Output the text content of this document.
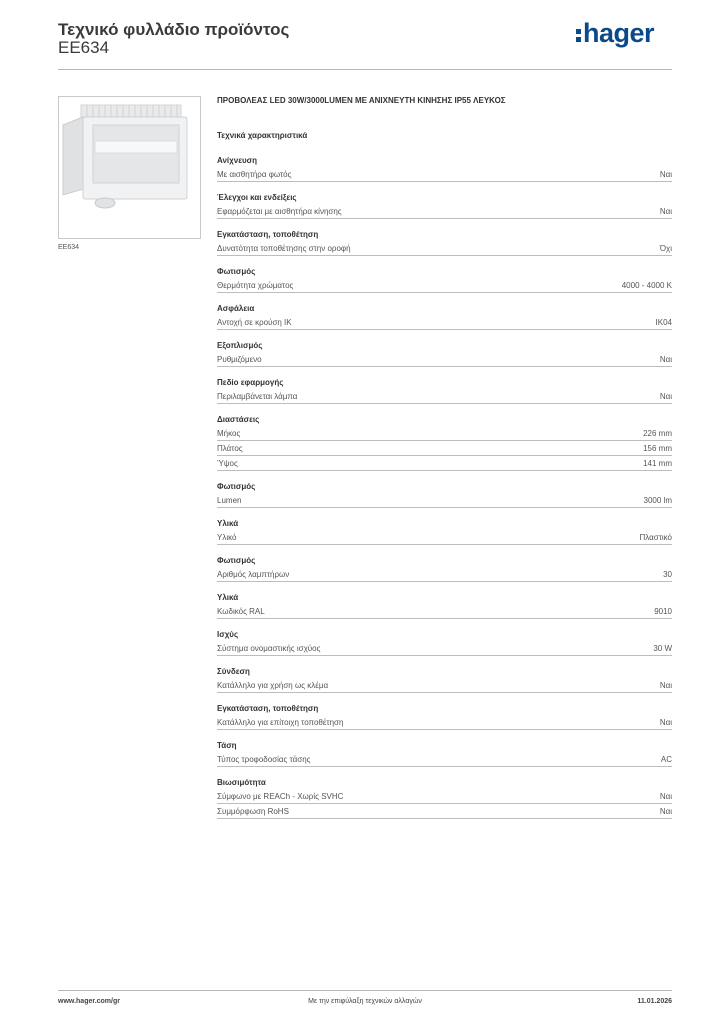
Τεχνικό φυλλάδιο προϊόντος
EE634	hager
EE634
ΠΡΟΒΟΛΕΑΣ LED 30W/3000LUMEN ΜΕ ΑΝΙΧΝΕΥΤΗ ΚΙΝΗΣΗΣ IP55 ΛΕΥΚΟΣ
Τεχνικά χαρακτηριστικά
Ανίχνευση
Με αισθητήρα φωτός	Ναι
Έλεγχοι και ενδείξεις
Εφαρμόζεται με αισθητήρα κίνησης	Ναι
Εγκατάσταση, τοποθέτηση
Δυνατότητα τοποθέτησης στην οροφή	Όχι
Φωτισμός
Θερμότητα χρώματος	4000 - 4000 K
Ασφάλεια
Αντοχή σε κρούση IK	IK04
Εξοπλισμός
Ρυθμιζόμενο	Ναι
Πεδίο εφαρμογής
Περιλαμβάνεται λάμπα	Ναι
Διαστάσεις
Μήκος	226 mm
Πλάτος	156 mm
Ύψος	141 mm
Φωτισμός
Lumen	3000 lm
Υλικά
Υλικό	Πλαστικό
Φωτισμός
Αριθμός λαμπτήρων	30
Υλικά
Κωδικός RAL	9010
Ισχύς
Σύστημα ονομαστικής ισχύος	30 W
Σύνδεση
Κατάλληλο για χρήση ως κλέμα	Ναι
Εγκατάσταση, τοποθέτηση
Κατάλληλο για επίτοιχη τοποθέτηση	Ναι
Τάση
Τύπος τροφοδοσίας τάσης	AC
Βιωσιμότητα
Σύμφωνο με REACh - Χωρίς SVHC	Ναι
Συμμόρφωση RoHS	Ναι
www.hager.com/gr	Με την επιφύλαξη τεχνικών αλλαγών	11.01.2026
